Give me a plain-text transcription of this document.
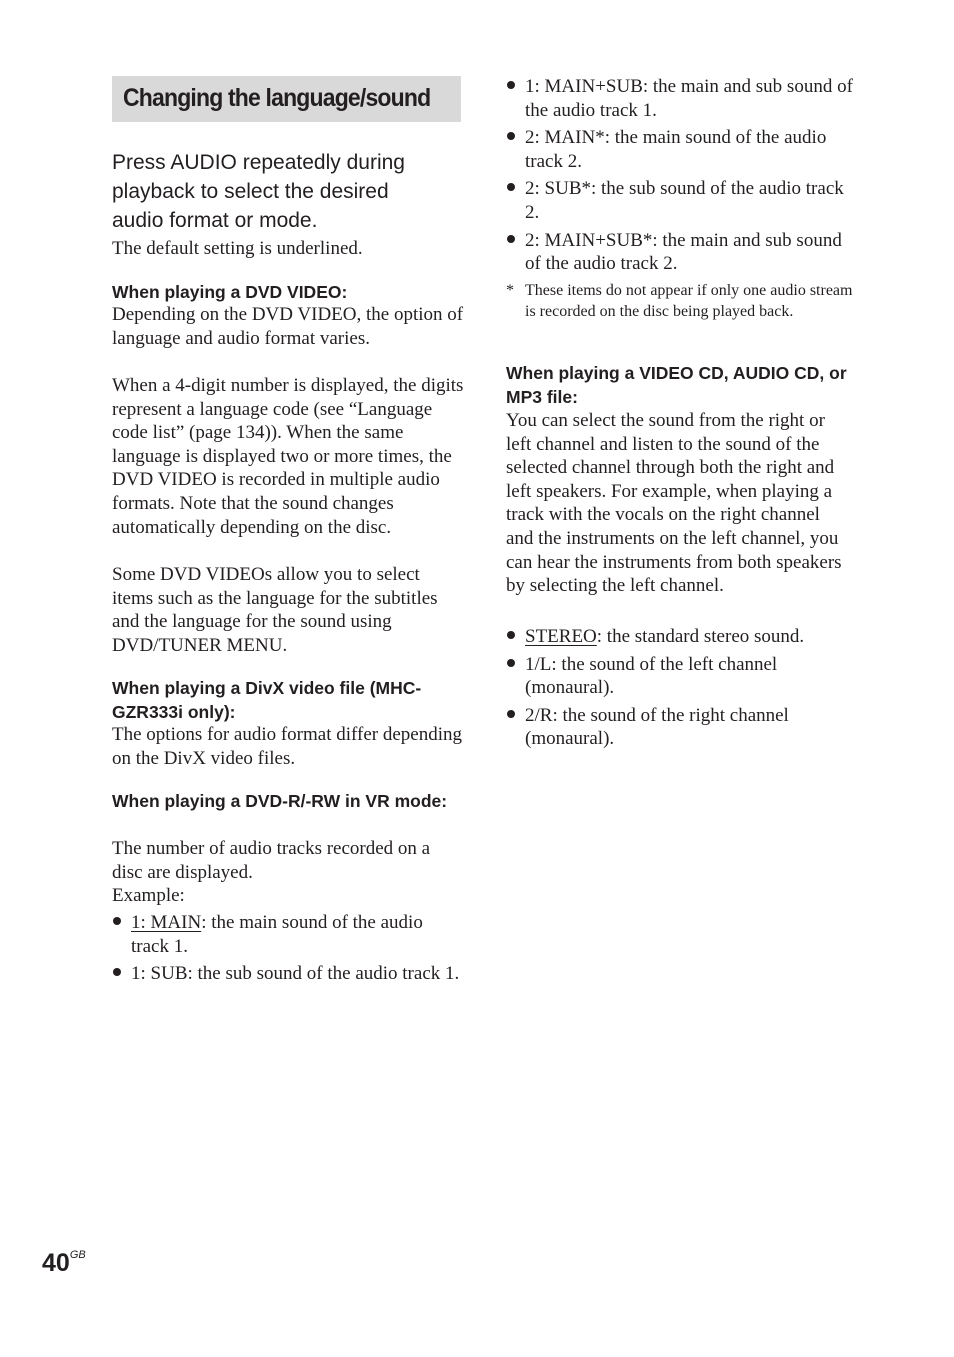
Changing the language/sound
Press AUDIO repeatedly during playback to select the desired audio format or mode.
The default setting is underlined.
When playing a DVD VIDEO:
Depending on the DVD VIDEO, the option of language and audio format varies.
When a 4-digit number is displayed, the digits represent a language code (see “Language code list” (page 134)). When the same language is displayed two or more times, the DVD VIDEO is recorded in multiple audio formats. Note that the sound changes automatically depending on the disc.
Some DVD VIDEOs allow you to select items such as the language for the subtitles and the language for the sound using DVD/TUNER MENU.
When playing a DivX video file (MHC-GZR333i only):
The options for audio format differ depending on the DivX video files.
When playing a DVD-R/-RW in VR mode:
The number of audio tracks recorded on a disc are displayed.
Example:
1: MAIN: the main sound of the audio track 1.
1: SUB: the sub sound of the audio track 1.
1: MAIN+SUB: the main and sub sound of the audio track 1.
2: MAIN*: the main sound of the audio track 2.
2: SUB*: the sub sound of the audio track 2.
2: MAIN+SUB*: the main and sub sound of the audio track 2.
* These items do not appear if only one audio stream is recorded on the disc being played back.
When playing a VIDEO CD, AUDIO CD, or MP3 file:
You can select the sound from the right or left channel and listen to the sound of the selected channel through both the right and left speakers. For example, when playing a track with the vocals on the right channel and the instruments on the left channel, you can hear the instruments from both speakers by selecting the left channel.
STEREO: the standard stereo sound.
1/L: the sound of the left channel (monaural).
2/R: the sound of the right channel (monaural).
$40^{GB}$
